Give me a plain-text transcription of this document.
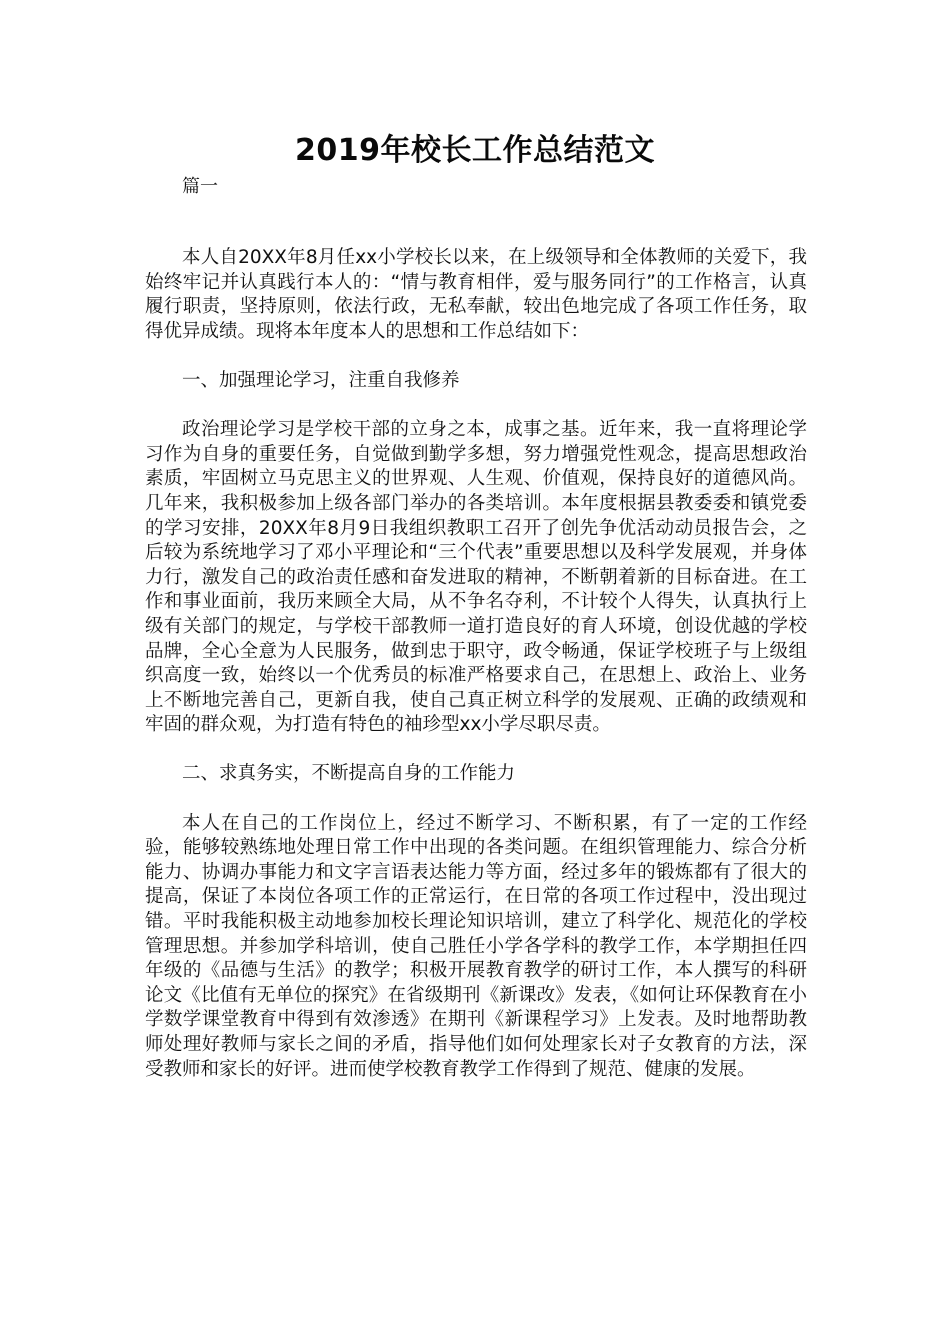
2019年校长工作总结范文
篇一

本人自20XX年8月任xx小学校长以来，在上级领导和全体教师的关爱下，我始终牢记并认真践行本人的：“情与教育相伴，爱与服务同行”的工作格言，认真履行职责，坚持原则，依法行政，无私奉献，较出色地完成了各项工作任务，取得优异成绩。现将本年度本人的思想和工作总结如下：

一、加强理论学习，注重自我修养

政治理论学习是学校干部的立身之本，成事之基。近年来，我一直将理论学习作为自身的重要任务，自觉做到勤学多想，努力增强党性观念，提高思想政治素质，牢固树立马克思主义的世界观、人生观、价值观，保持良好的道德风尚。几年来，我积极参加上级各部门举办的各类培训。本年度根据县教委委和镇党委的学习安排，20XX年8月9日我组织教职工召开了创先争优活动动员报告会，之后较为系统地学习了邓小平理论和“三个代表”重要思想以及科学发展观，并身体力行，激发自己的政治责任感和奋发进取的精神，不断朝着新的目标奋进。在工作和事业面前，我历来顾全大局，从不争名夺利，不计较个人得失，认真执行上级有关部门的规定，与学校干部教师一道打造良好的育人环境，创设优越的学校品牌，全心全意为人民服务，做到忠于职守，政令畅通，保证学校班子与上级组织高度一致，始终以一个优秀员的标准严格要求自己，在思想上、政治上、业务上不断地完善自己，更新自我，使自己真正树立科学的发展观、正确的政绩观和牢固的群众观，为打造有特色的袖珍型xx小学尽职尽责。

二、求真务实，不断提高自身的工作能力

本人在自己的工作岗位上，经过不断学习、不断积累，有了一定的工作经验，能够较熟练地处理日常工作中出现的各类问题。在组织管理能力、综合分析能力、协调办事能力和文字言语表达能力等方面，经过多年的锻炼都有了很大的提高，保证了本岗位各项工作的正常运行，在日常的各项工作过程中，没出现过错。平时我能积极主动地参加校长理论知识培训，建立了科学化、规范化的学校管理思想。并参加学科培训，使自己胜任小学各学科的教学工作，本学期担任四年级的《品德与生活》的教学；积极开展教育教学的研讨工作，本人撰写的科研论文《比值有无单位的探究》在省级期刊《新课改》发表，《如何让环保教育在小学数学课堂教育中得到有效渗透》在期刊《新课程学习》上发表。及时地帮助教师处理好教师与家长之间的矛盾，指导他们如何处理家长对子女教育的方法，深受教师和家长的好评。进而使学校教育教学工作得到了规范、健康的发展。
